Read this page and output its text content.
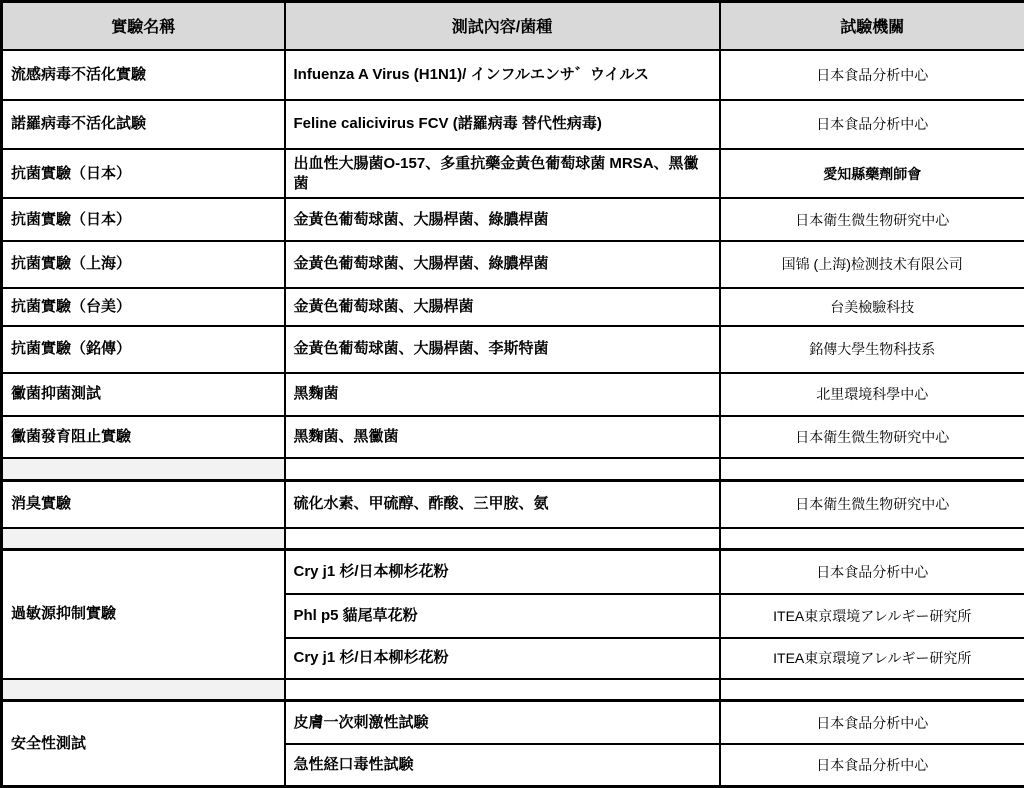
實驗名稱	測試內容/菌種	試驗機關
流感病毒不活化實驗	Infuenza A Virus (H1N1)/ インフルエンサ゛ウイルス	日本食品分析中心
諾羅病毒不活化試験	Feline calicivirus FCV (諾羅病毒 替代性病毒)	日本食品分析中心
抗菌實驗（日本）	出血性大腸菌O-157、多重抗藥金黃色葡萄球菌 MRSA、黑黴菌	愛知縣藥劑師會
抗菌實驗（日本）	金黃色葡萄球菌、大腸桿菌、綠膿桿菌	日本衛生微生物研究中心
抗菌實驗（上海）	金黃色葡萄球菌、大腸桿菌、綠膿桿菌	国锦 (上海)检测技术有限公司
抗菌實驗（台美）	金黃色葡萄球菌、大腸桿菌	台美檢驗科技
抗菌實驗（銘傳）	金黃色葡萄球菌、大腸桿菌、李斯特菌	銘傳大學生物科技系
黴菌抑菌測試	黑麴菌	北里環境科學中心
黴菌發育阻止實驗	黑麴菌、黑黴菌	日本衛生微生物研究中心

消臭實驗	硫化水素、甲硫醇、酢酸、三甲胺、氨	日本衛生微生物研究中心

過敏源抑制實驗	Cry j1 杉/日本柳杉花粉	日本食品分析中心
	Phl p5 貓尾草花粉	ITEA東京環境アレルギー研究所
	Cry j1 杉/日本柳杉花粉	ITEA東京環境アレルギー研究所

安全性測試	皮膚一次刺激性試験	日本食品分析中心
	急性経口毒性試験	日本食品分析中心
